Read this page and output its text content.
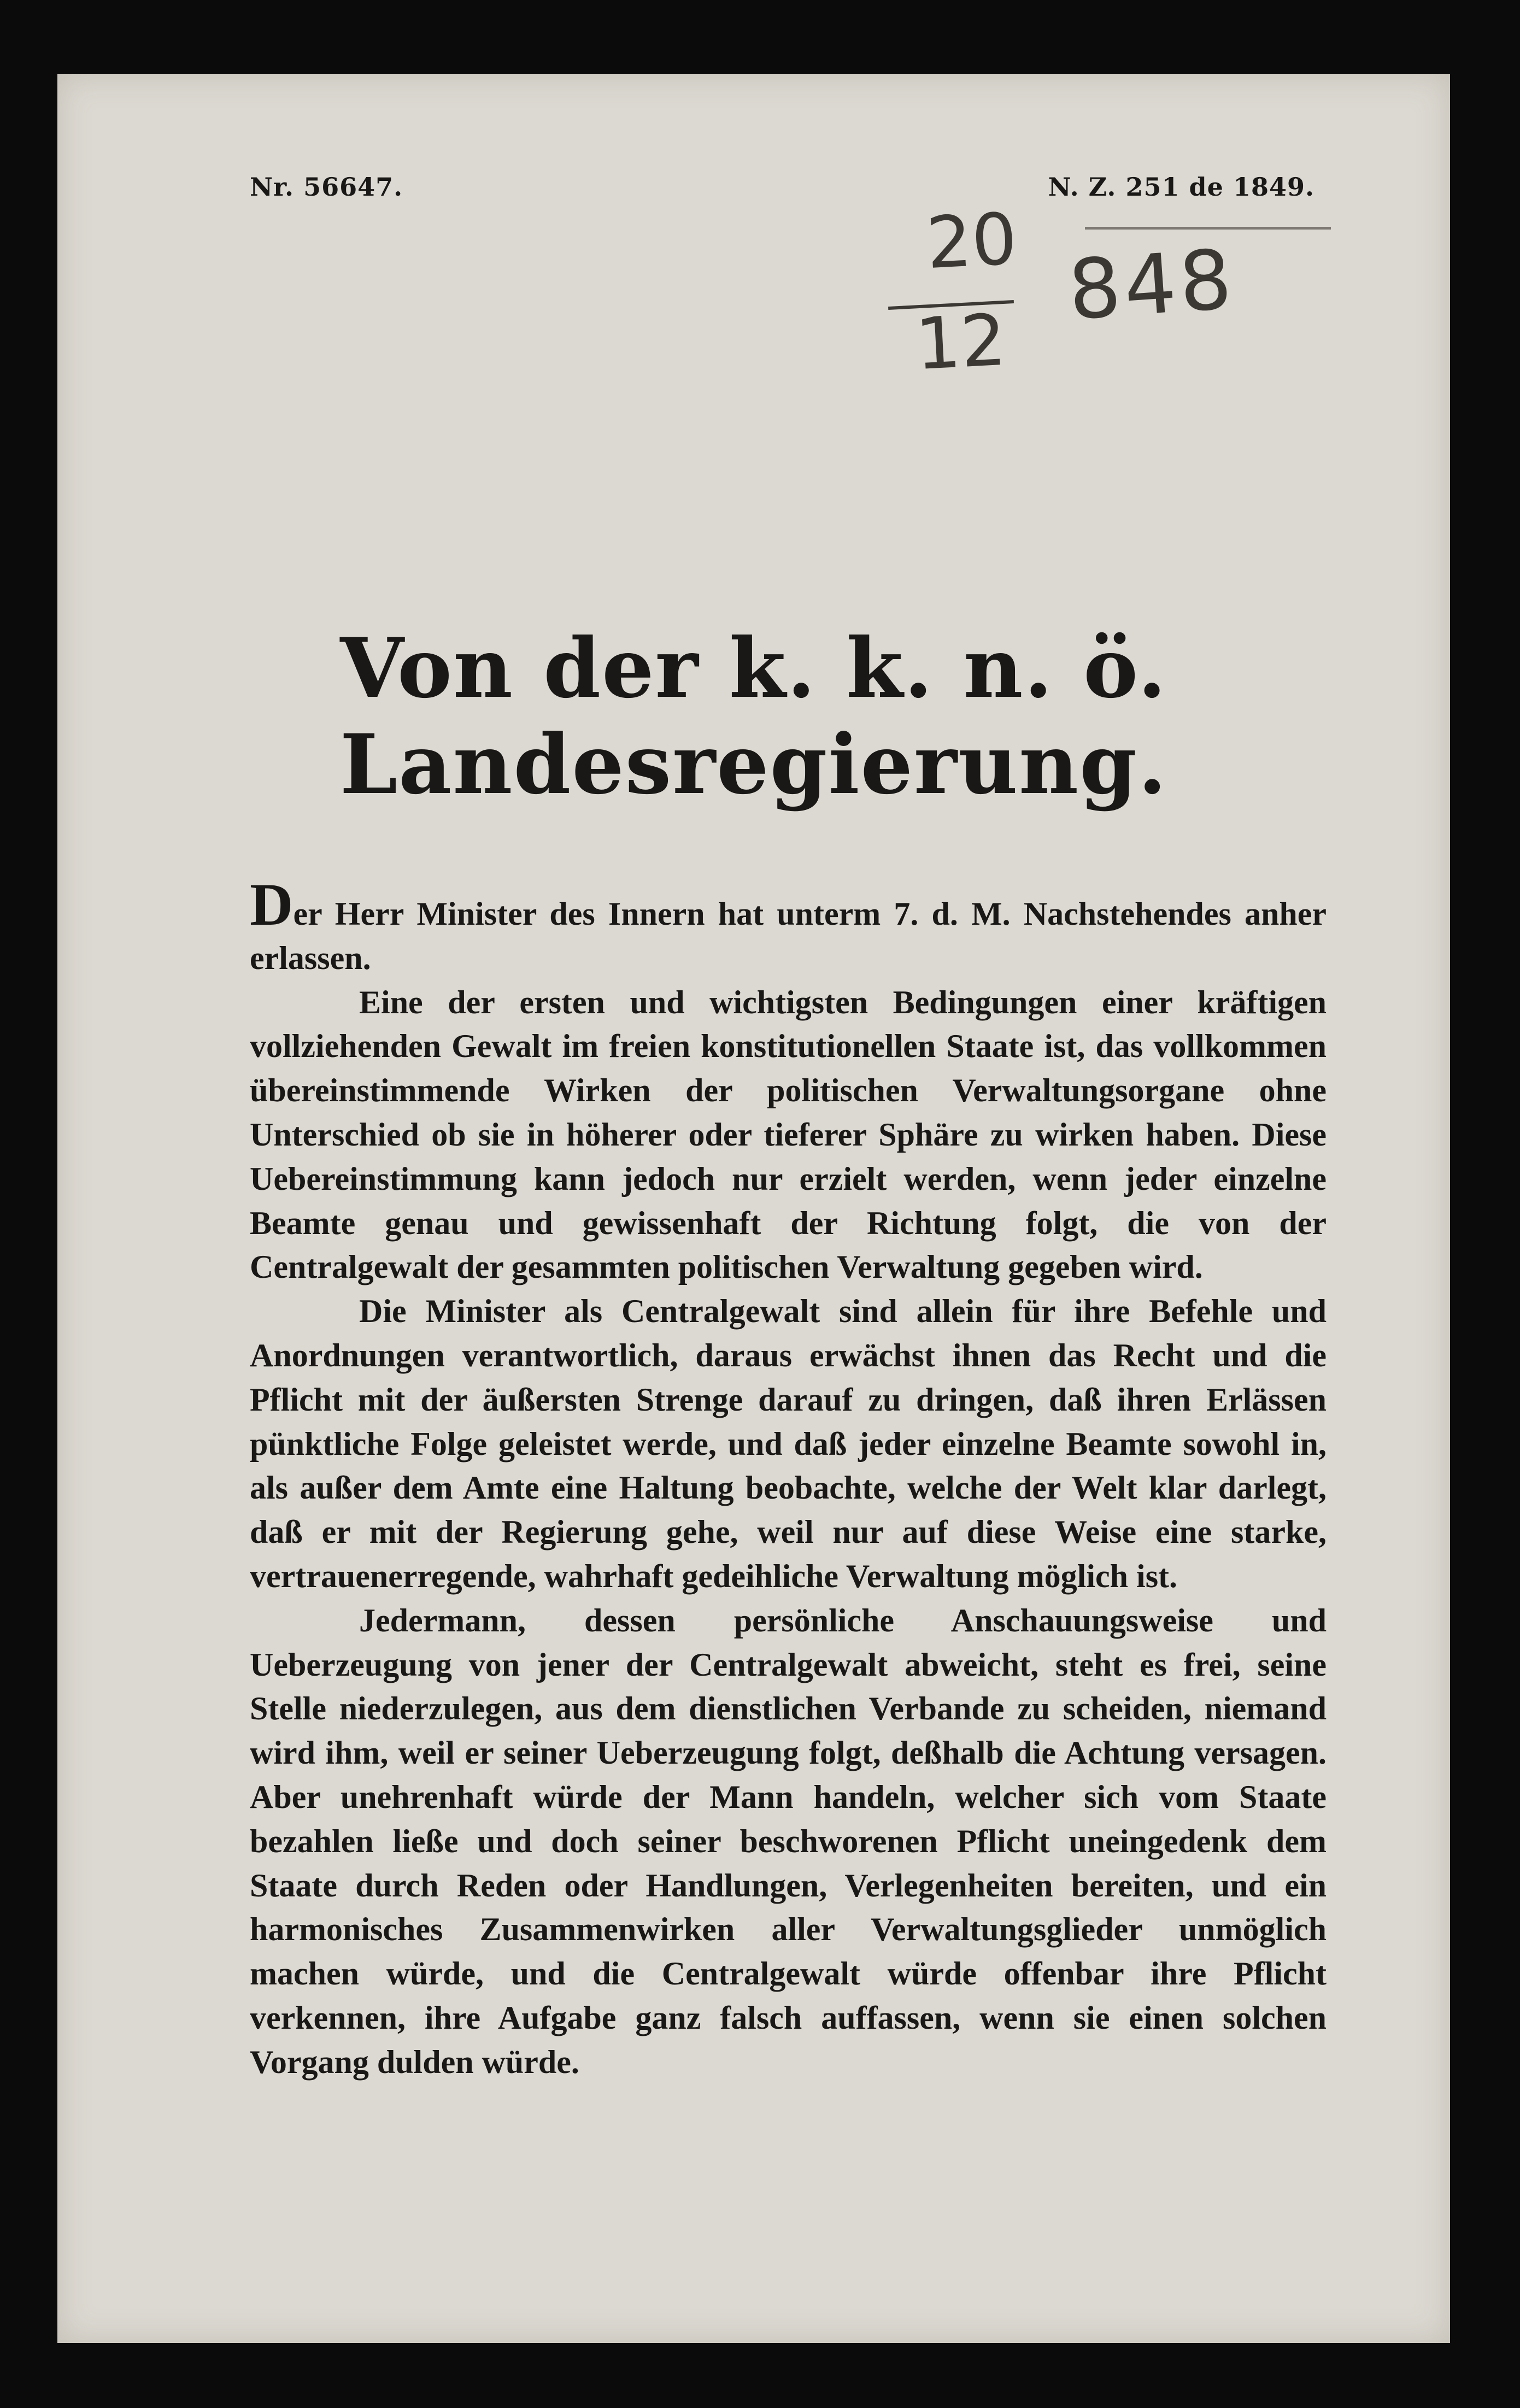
Nr. 56647.	N. Z. 251 de 1849.
20
12
848
Von der k. k. n. ö. Landesregierung.

Der Herr Minister des Innern hat unterm 7. d. M. Nachstehendes anher erlassen.

Eine der ersten und wichtigsten Bedingungen einer kräftigen vollziehenden Gewalt im freien konstitutionellen Staate ist, das vollkommen übereinstimmende Wirken der politischen Verwaltungsorgane ohne Unterschied ob sie in höherer oder tieferer Sphäre zu wirken haben. Diese Uebereinstimmung kann jedoch nur erzielt werden, wenn jeder einzelne Beamte genau und gewissenhaft der Richtung folgt, die von der Centralgewalt der gesammten politischen Verwaltung gegeben wird.

Die Minister als Centralgewalt sind allein für ihre Befehle und Anordnungen verantwortlich, daraus erwächst ihnen das Recht und die Pflicht mit der äußersten Strenge darauf zu dringen, daß ihren Erlässen pünktliche Folge geleistet werde, und daß jeder einzelne Beamte sowohl in, als außer dem Amte eine Haltung beobachte, welche der Welt klar darlegt, daß er mit der Regierung gehe, weil nur auf diese Weise eine starke, vertrauenerregende, wahrhaft gedeihliche Verwaltung möglich ist.

Jedermann, dessen persönliche Anschauungsweise und Ueberzeugung von jener der Centralgewalt abweicht, steht es frei, seine Stelle niederzulegen, aus dem dienstlichen Verbande zu scheiden, niemand wird ihm, weil er seiner Ueberzeugung folgt, deßhalb die Achtung versagen. Aber unehrenhaft würde der Mann handeln, welcher sich vom Staate bezahlen ließe und doch seiner beschworenen Pflicht uneingedenk dem Staate durch Reden oder Handlungen, Verlegenheiten bereiten, und ein harmonisches Zusammenwirken aller Verwaltungsglieder unmöglich machen würde, und die Centralgewalt würde offenbar ihre Pflicht verkennen, ihre Aufgabe ganz falsch auffassen, wenn sie einen solchen Vorgang dulden würde.
